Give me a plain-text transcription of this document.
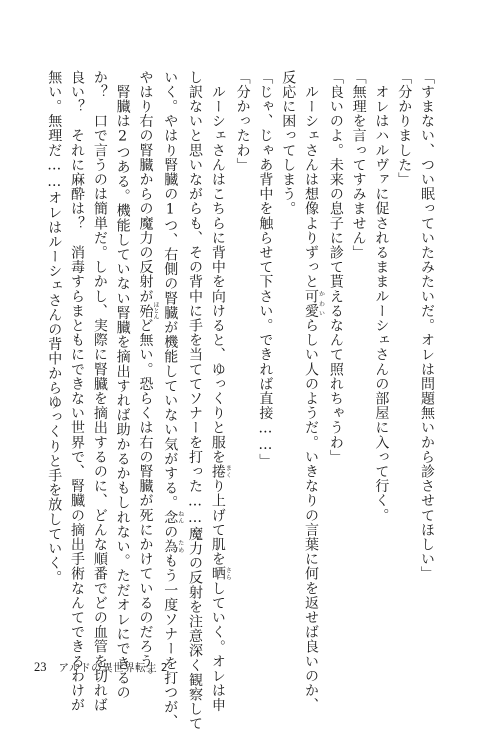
「すまない、つい眠っていたみたいだ。オレは問題無いから診させてほしい」

「分かりました」

　オレはハルヴァに促されるままルーシェさんの部屋に入って行く。

「無理を言ってすみません」

「良いのよ。未来の息子に診て貰えるなんて照れちゃうわ」

　ルーシェさんは想像よりずっと可愛かわいらしい人のようだ。いきなりの言葉に何を返せば良いのか、

反応に困ってしまう。

「じゃ、じゃあ背中を触らせて下さい。できれば直接……」

「分かったわ」

　ルーシェさんはこちらに背中を向けると、ゆっくりと服を捲まくり上げて肌を晒さらしていく。オレは申

し訳ないと思いながらも、その背中に手を当ててソナーを打った……魔力の反射を注意深く観察して

いく。やはり腎臓の1つ、右側の腎臓が機能していない気がする。念ねんの為ためもう一度ソナーを打つが、

やはり右の腎臓からの魔力の反射が殆ほとんど無い。恐らくは右の腎臓が死にかけているのだろう。

　腎臓は2つある。機能していない腎臓を摘出すれば助かるかもしれない。ただオレにできるの

か？　口で言うのは簡単だ。しかし、実際に腎臓を摘出するのに、どんな順番でどの血管を切れば

良い？　それに麻酔は？　消毒すらまともにできない世界で、腎臓の摘出手術なんてできるわけが

無い。無理だ……オレはルーシェさんの背中からゆっくりと手を放していく。

23 アルドの異世界転生 2
